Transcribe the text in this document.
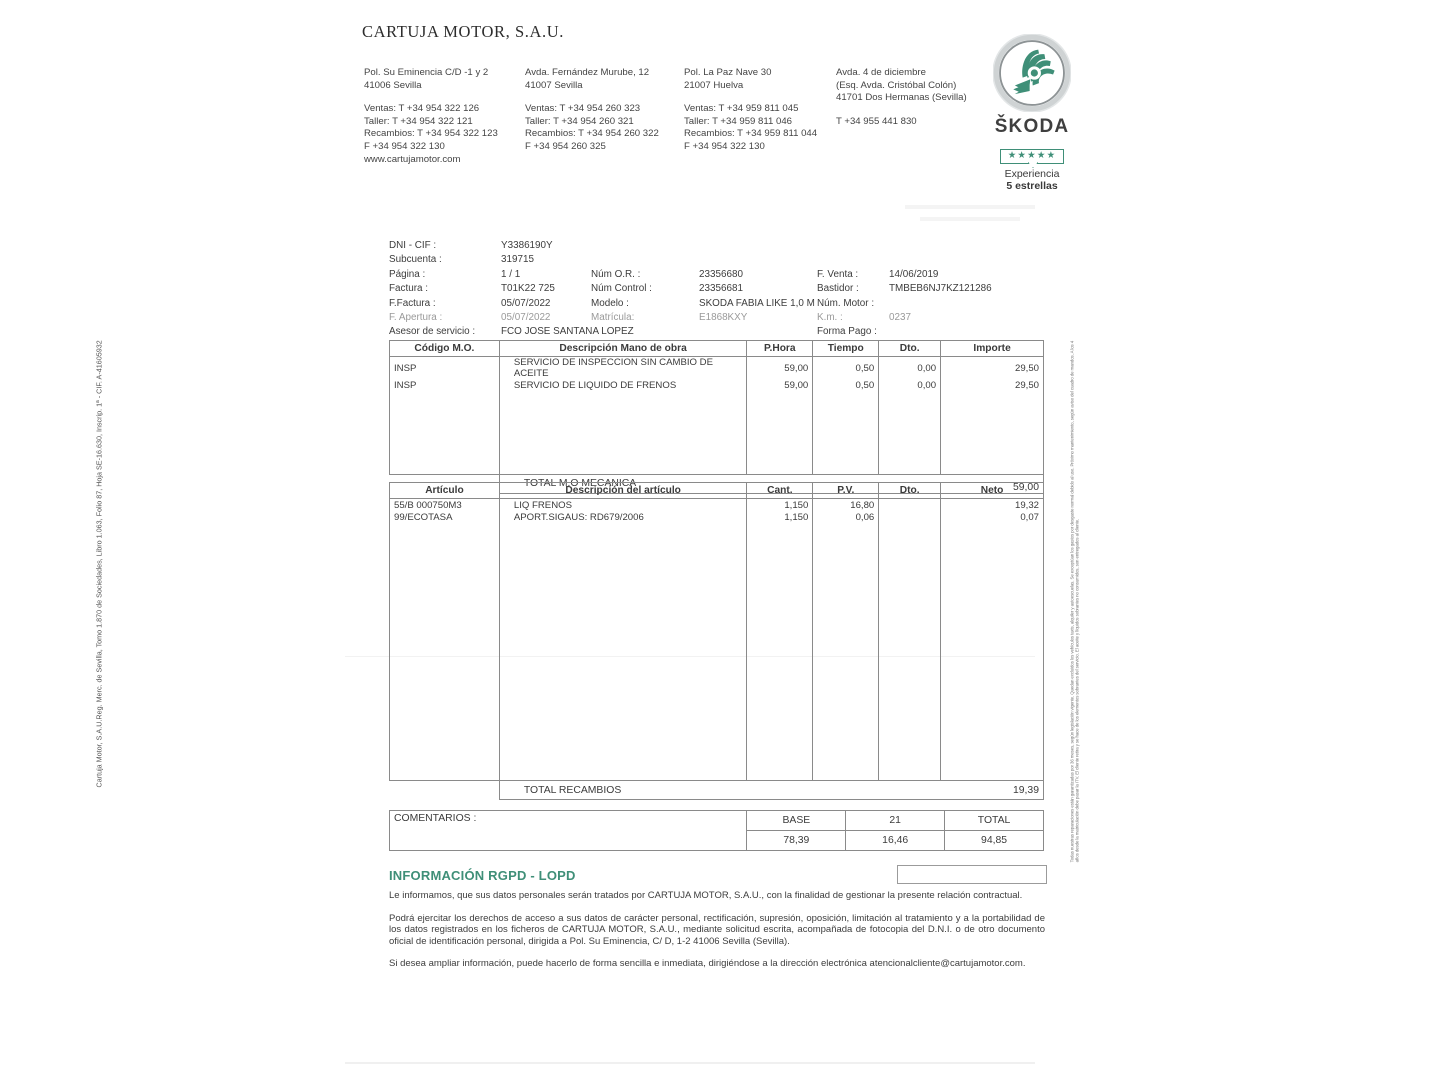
CARTUJA MOTOR, S.A.U.
Pol. Su Eminencia C/D -1 y 2
41006 Sevilla
Ventas: T +34 954 322 126
Taller: T +34 954 322 121
Recambios: T +34 954 322 123
F +34 954 322 130
www.cartujamotor.com
Avda. Fernández Murube, 12
41007 Sevilla
Ventas: T +34 954 260 323
Taller: T +34 954 260 321
Recambios: T +34 954 260 322
F +34 954 260 325
Pol. La Paz Nave 30
21007 Huelva
Ventas: T +34 959 811 045
Taller: T +34 959 811 046
Recambios: T +34 959 811 044
F +34 954 322 130
Avda. 4 de diciembre
(Esq. Avda. Cristóbal Colón)
41701 Dos Hermanas (Sevilla)
T +34 955 441 830	ŠKODA
★★★★★
Experiencia
5 estrellas
DNI - CIF :	Y3386190Y
Subcuenta :	319715
Página :	1 / 1	Núm O.R. :	23356680	F. Venta :	14/06/2019
Factura :	T01K22 725	Núm Control :	23356681	Bastidor :	TMBEB6NJ7KZ121286
F.Factura :	05/07/2022	Modelo :	SKODA FABIA LIKE 1,0 M Núm. Motor :
F. Apertura :	05/07/2022	Matrícula:	E1868KXY	K.m. :	0237
Asesor de servicio :	FCO JOSE SANTANA LOPEZ	Forma Pago :
Código M.O.	Descripción Mano de obra	P.Hora	Tiempo	Dto.	Importe
INSP	SERVICIO DE INSPECCION SIN CAMBIO DE ACEITE	59,00	0,50	0,00	29,50
INSP	SERVICIO DE LIQUIDO DE FRENOS	59,00	0,50	0,00	29,50

	TOTAL M.O MECANICA				59,00
Artículo	Descripción del artículo	Cant.	P.V.	Dto.	Neto
55/B 000750M3	LIQ FRENOS	1,150	16,80		19,32
99/ECOTASA	APORT.SIGAUS: RD679/2006	1,150	0,06		0,07

	TOTAL RECAMBIOS				19,39
COMENTARIOS :	BASE	21	TOTAL
	78,39	16,46	94,85
Cartuja Motor, S.A.U.Reg. Merc. de Sevilla, Tomo 1.870 de Sociedades, Libro 1.063, Folio 87, Hoja SE-16.630, Inscrip. 1ª - CIF. A-41605932	Todas nuestras reparaciones están garantizadas por 36 meses, según legislación vigente. Quedan excluidos los vehículos taxis, alquiler y autoescuelas. Se exceptúan los gastos por desgaste normal debido al uso. Próximo mantenimiento, según aviso del cuadro de mandos. A los 4 años desde la matriculación debe pasar la ITV. El cliente retira y se hace de los elementos sobrantes del servicio. El aceite y líquidos sobrantes no consumidos, son entregados al cliente.
INFORMACIÓN RGPD - LOPD

Le informamos, que sus datos personales serán tratados por CARTUJA MOTOR, S.A.U., con la finalidad de gestionar la presente relación contractual.

Podrá ejercitar los derechos de acceso a sus datos de carácter personal, rectificación, supresión, oposición, limitación al tratamiento y a la portabilidad de los datos registrados en los ficheros de CARTUJA MOTOR, S.A.U., mediante solicitud escrita, acompañada de fotocopia del D.N.I. o de otro documento oficial de identificación personal, dirigida a Pol. Su Eminencia, C/ D, 1-2 41006 Sevilla (Sevilla).

Si desea ampliar información, puede hacerlo de forma sencilla e inmediata, dirigiéndose a la dirección electrónica atencionalcliente@cartujamotor.com.
